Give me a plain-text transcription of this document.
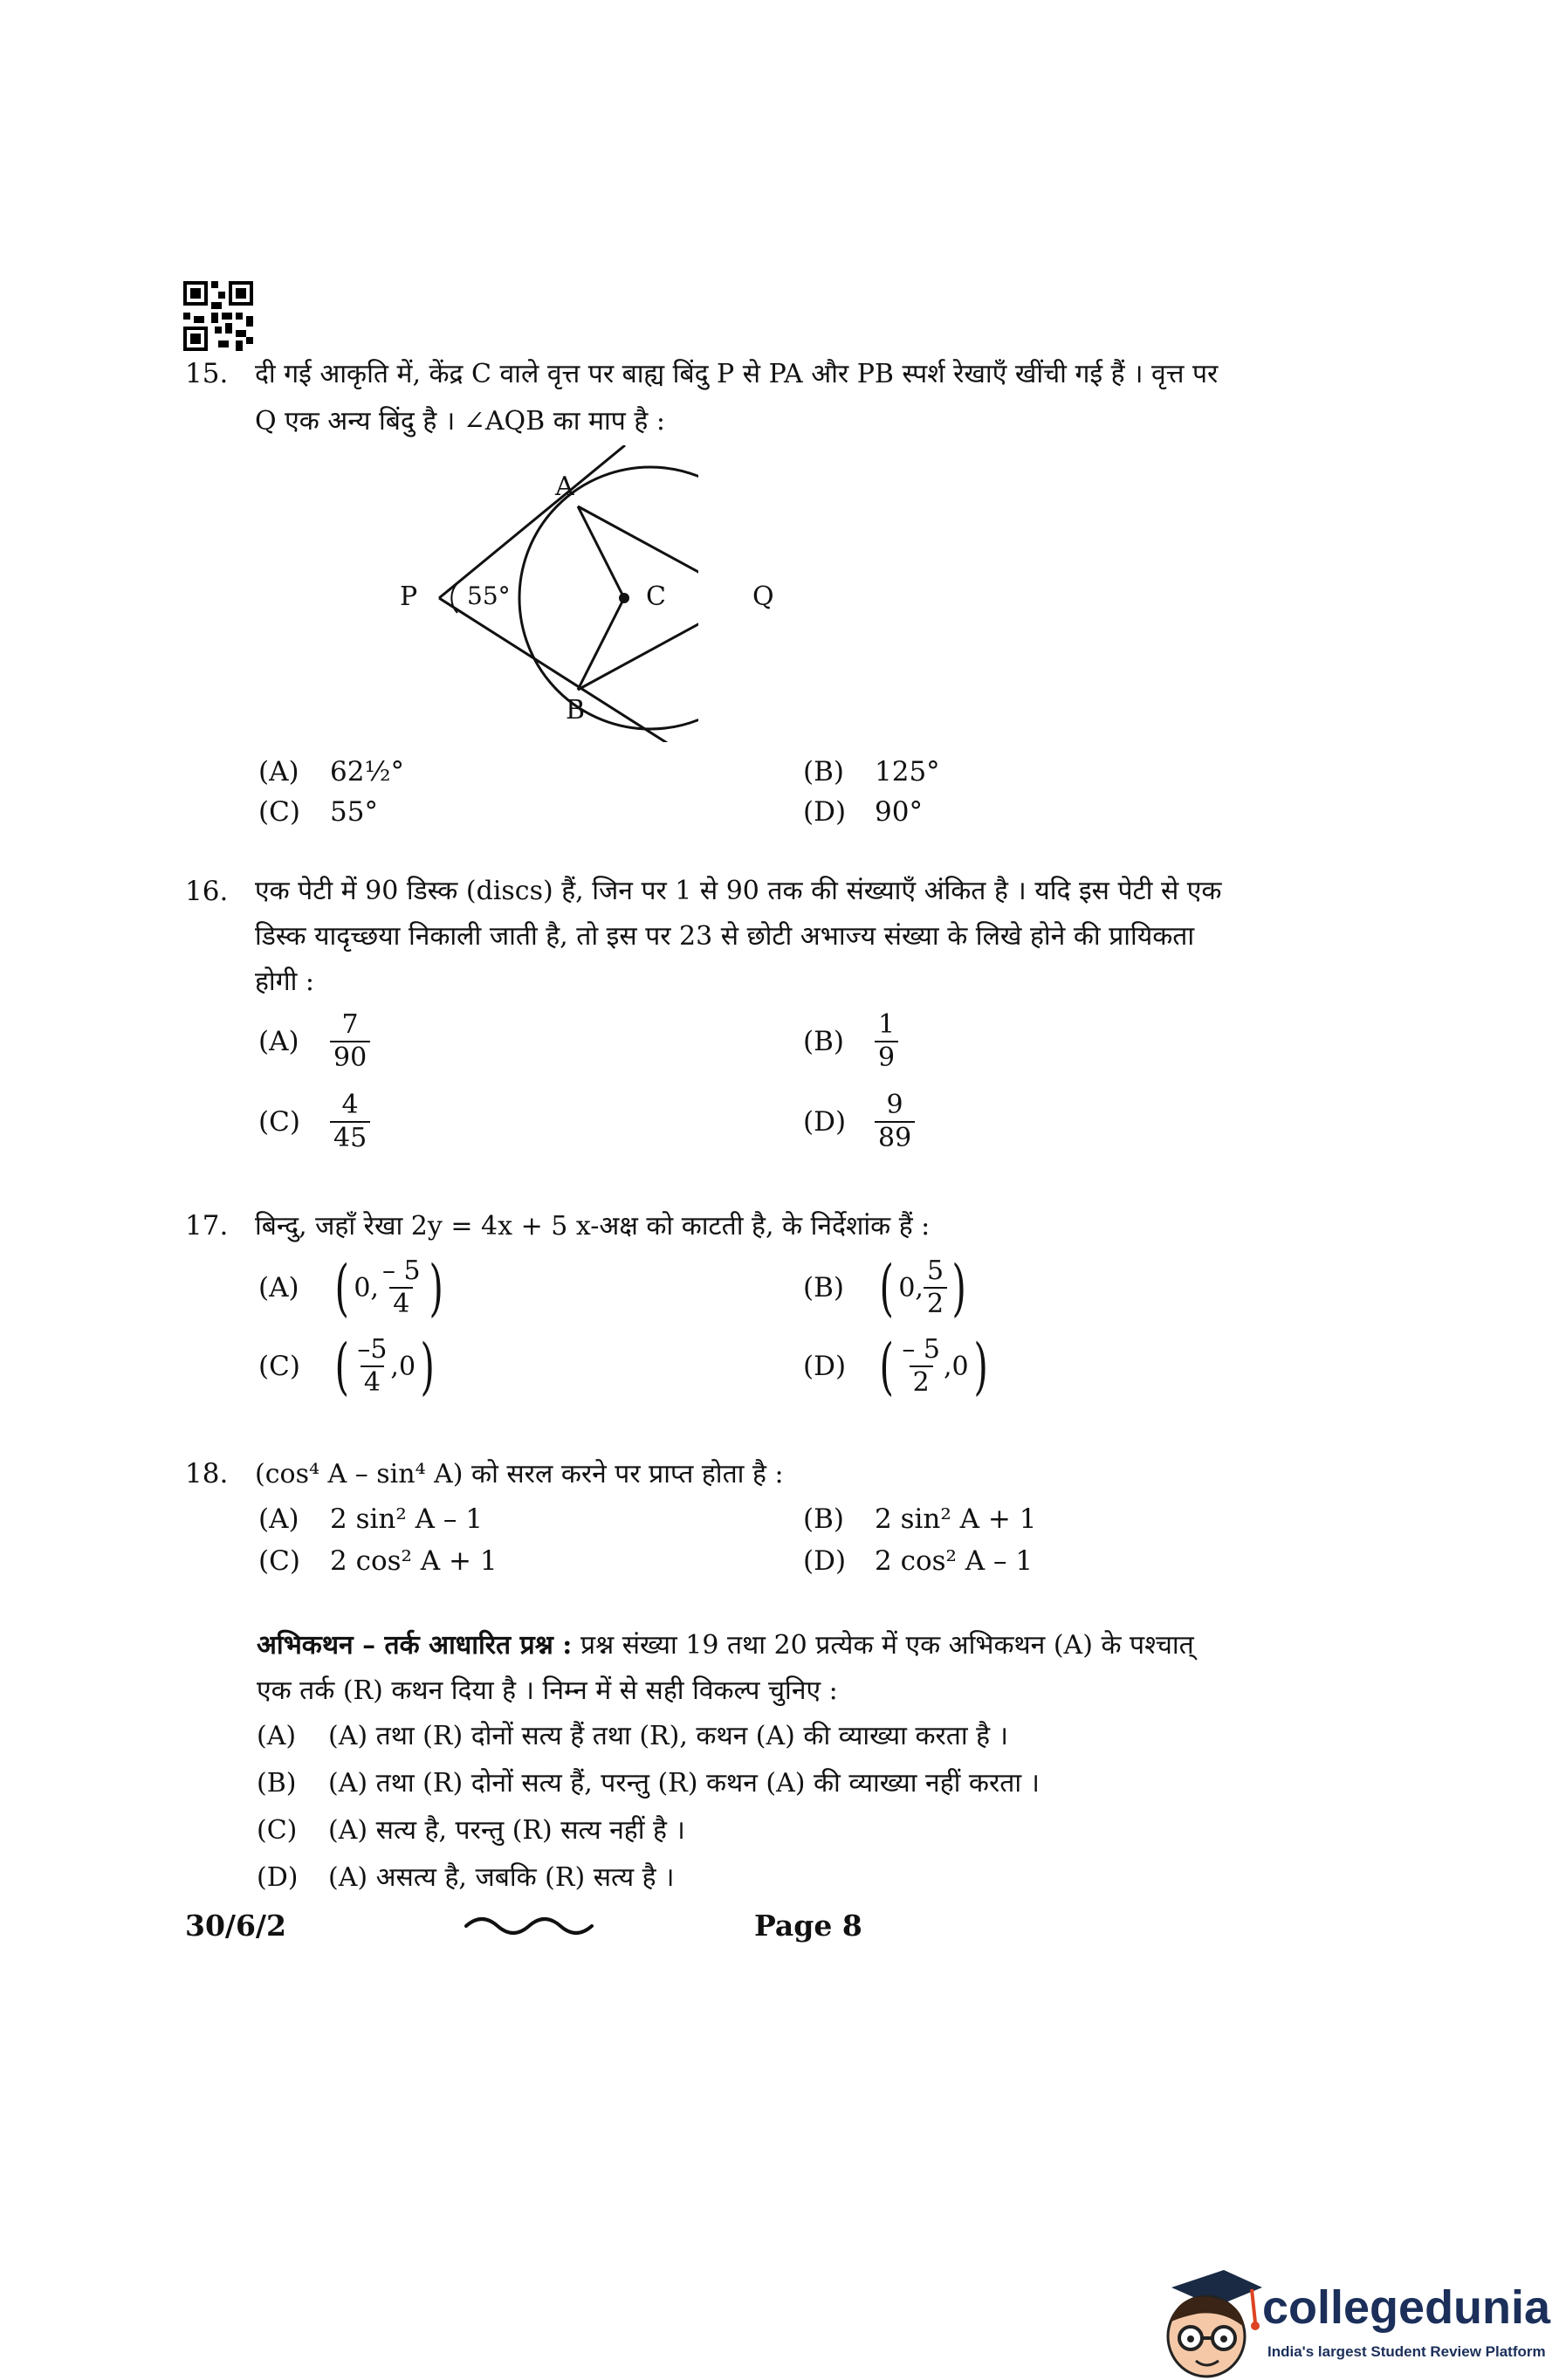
15. दी गई आकृति में, केंद्र C वाले वृत्त पर बाह्य बिंदु P से PA और PB स्पर्श रेखाएँ खींची गई हैं । वृत्त पर
Q एक अन्य बिंदु है । ∠AQB का माप है :
A
B
C
P	Q
55°
(A)	62½°	(B)	125°
(C)	55°	(D)	90°
16. एक पेटी में 90 डिस्क (discs) हैं, जिन पर 1 से 90 तक की संख्याएँ अंकित है । यदि इस पेटी से एक
डिस्क यादृच्छया निकाली जाती है, तो इस पर 23 से छोटी अभाज्य संख्या के लिखे होने की प्रायिकता
होगी :
(A)	$\frac{7}{90}$	(B)	$\frac{1}{9}$
(C)	$\frac{4}{45}$	(D)	$\frac{9}{89}$
17. बिन्दु, जहाँ रेखा 2y = 4x + 5 x-अक्ष को काटती है, के निर्देशांक हैं :
(A) ( 0, $\frac{- 5}{4}$ )	(B) ( 0, $\frac{5}{2}$ )
(C) ( $\frac{-5}{4} ,0$ )	(D) ( $\frac{- 5}{2} ,0$ )
18. (cos⁴ A – sin⁴ A) को सरल करने पर प्राप्त होता है :
(A)	2 sin² A – 1	(B)	2 sin² A + 1
(C)	2 cos² A + 1	(D)	2 cos² A – 1
अभिकथन – तर्क आधारित प्रश्न : प्रश्न संख्या 19 तथा 20 प्रत्येक में एक अभिकथन (A) के पश्चात्
एक तर्क (R) कथन दिया है । निम्न में से सही विकल्प चुनिए :
(A) (A) तथा (R) दोनों सत्य हैं तथा (R), कथन (A) की व्याख्या करता है ।
(B) (A) तथा (R) दोनों सत्य हैं, परन्तु (R) कथन (A) की व्याख्या नहीं करता ।
(C) (A) सत्य है, परन्तु (R) सत्य नहीं है ।
(D) (A) असत्य है, जबकि (R) सत्य है ।
30/6/2	Page 8
collegedunia
India's largest Student Review Platform
